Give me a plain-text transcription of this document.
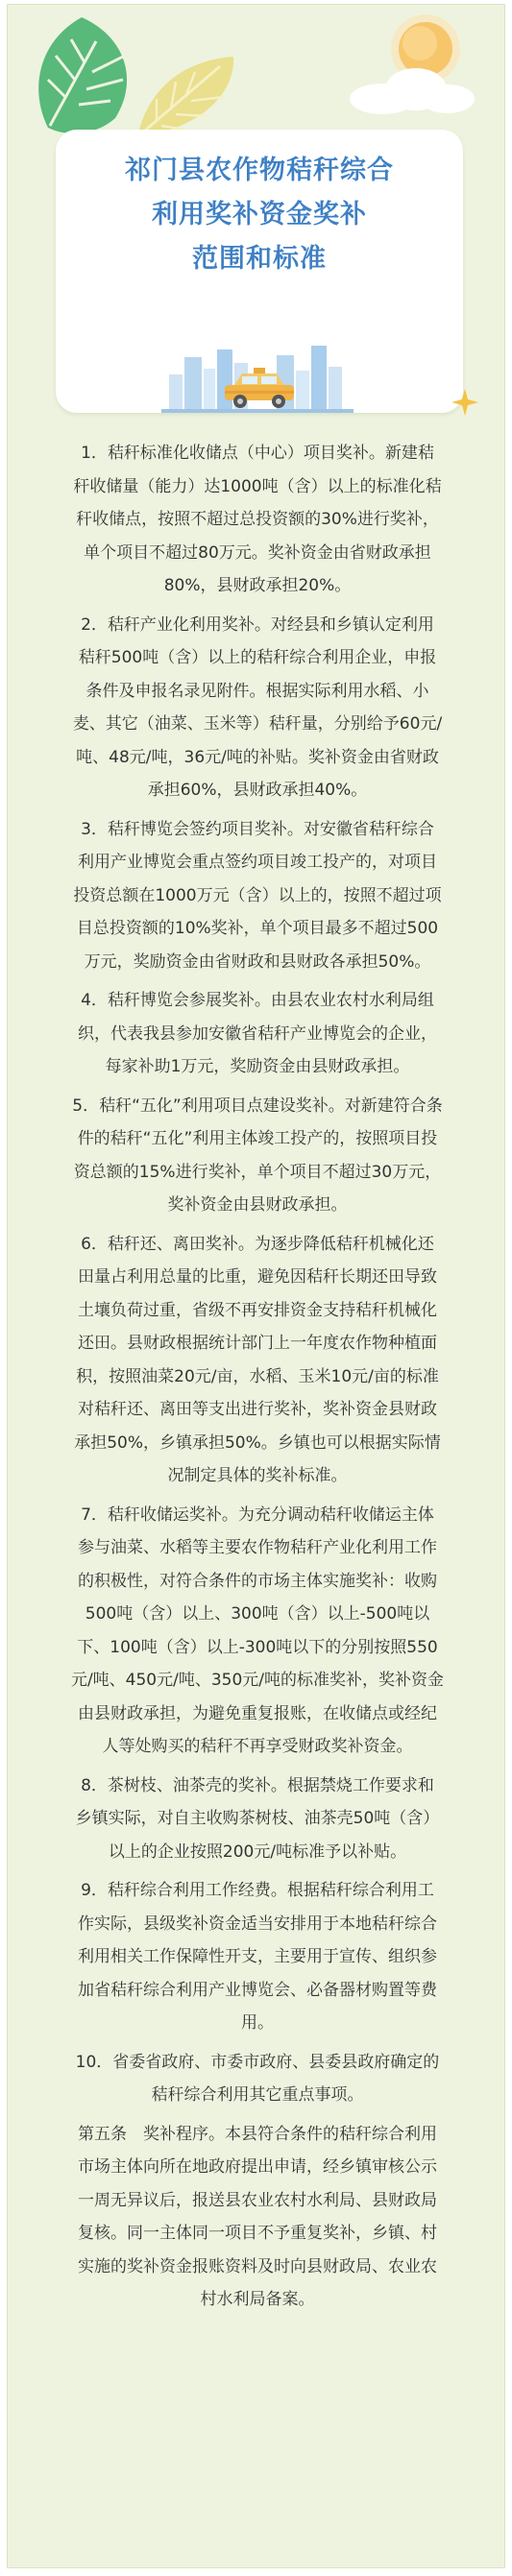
祁门县农作物秸秆综合
利用奖补资金奖补
范围和标准

1．秸秆标准化收储点（中心）项目奖补。新建秸
秆收储量（能力）达1000吨（含）以上的标准化秸
秆收储点，按照不超过总投资额的30%进行奖补，
单个项目不超过80万元。奖补资金由省财政承担
80%，县财政承担20%。

2．秸秆产业化利用奖补。对经县和乡镇认定利用
秸秆500吨（含）以上的秸秆综合利用企业，申报
条件及申报名录见附件。根据实际利用水稻、小
麦、其它（油菜、玉米等）秸秆量，分别给予60元/
吨、48元/吨，36元/吨的补贴。奖补资金由省财政
承担60%，县财政承担40%。

3．秸秆博览会签约项目奖补。对安徽省秸秆综合
利用产业博览会重点签约项目竣工投产的，对项目
投资总额在1000万元（含）以上的，按照不超过项
目总投资额的10%奖补，单个项目最多不超过500
万元，奖励资金由省财政和县财政各承担50%。

4．秸秆博览会参展奖补。由县农业农村水利局组
织，代表我县参加安徽省秸秆产业博览会的企业，
每家补助1万元，奖励资金由县财政承担。

5．秸秆“五化”利用项目点建设奖补。对新建符合条
件的秸秆“五化”利用主体竣工投产的，按照项目投
资总额的15%进行奖补，单个项目不超过30万元，
奖补资金由县财政承担。

6．秸秆还、离田奖补。为逐步降低秸秆机械化还
田量占利用总量的比重，避免因秸秆长期还田导致
土壤负荷过重，省级不再安排资金支持秸秆机械化
还田。县财政根据统计部门上一年度农作物种植面
积，按照油菜20元/亩，水稻、玉米10元/亩的标准
对秸秆还、离田等支出进行奖补，奖补资金县财政
承担50%，乡镇承担50%。乡镇也可以根据实际情
况制定具体的奖补标准。

7．秸秆收储运奖补。为充分调动秸秆收储运主体
参与油菜、水稻等主要农作物秸秆产业化利用工作
的积极性，对符合条件的市场主体实施奖补：收购
500吨（含）以上、300吨（含）以上-500吨以
下、100吨（含）以上-300吨以下的分别按照550
元/吨、450元/吨、350元/吨的标准奖补，奖补资金
由县财政承担，为避免重复报账，在收储点或经纪
人等处购买的秸秆不再享受财政奖补资金。

8．茶树枝、油茶壳的奖补。根据禁烧工作要求和
乡镇实际，对自主收购茶树枝、油茶壳50吨（含）
以上的企业按照200元/吨标准予以补贴。

9．秸秆综合利用工作经费。根据秸秆综合利用工
作实际，县级奖补资金适当安排用于本地秸秆综合
利用相关工作保障性开支，主要用于宣传、组织参
加省秸秆综合利用产业博览会、必备器材购置等费
用。

10．省委省政府、市委市政府、县委县政府确定的
秸秆综合利用其它重点事项。

第五条　奖补程序。本县符合条件的秸秆综合利用
市场主体向所在地政府提出申请，经乡镇审核公示
一周无异议后，报送县农业农村水利局、县财政局
复核。同一主体同一项目不予重复奖补，乡镇、村
实施的奖补资金报账资料及时向县财政局、农业农
村水利局备案。
